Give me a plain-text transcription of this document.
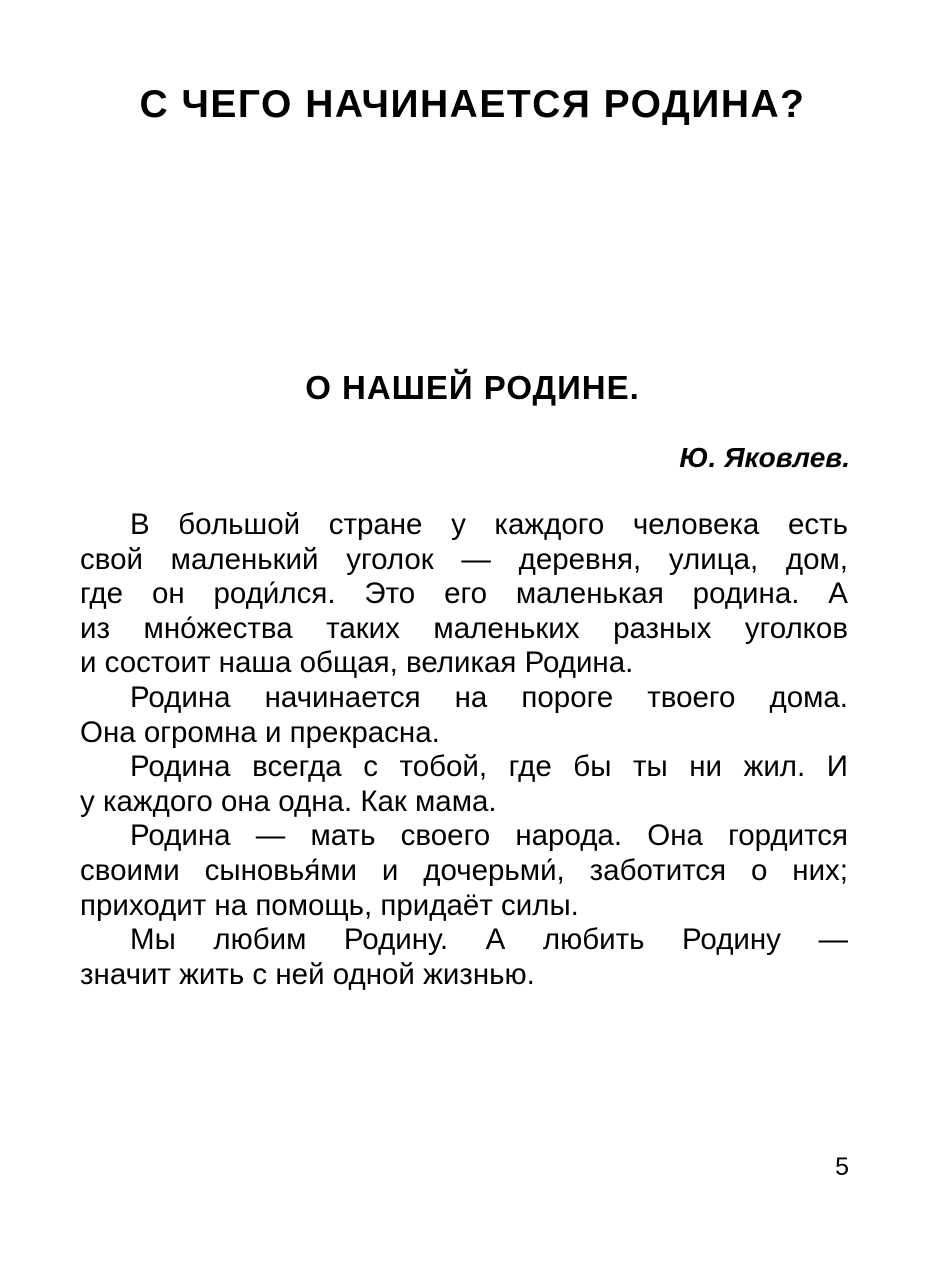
С ЧЕГО НАЧИНАЕТСЯ РОДИНА?
О НАШЕЙ РОДИНЕ.
Ю. Яковлев.
В большой стране у каждого человека есть
свой маленький уголок — деревня, улица, дом,
где он роди́лся. Это его маленькая родина. А
из мно́жества таких маленьких разных уголков
и состоит наша общая, великая Родина.
Родина начинается на пороге твоего дома.
Она огромна и прекрасна.
Родина всегда с тобой, где бы ты ни жил. И
у каждого она одна. Как мама.
Родина — мать своего народа. Она гордится
своими сыновья́ми и дочерьми́, заботится о них;
приходит на помощь, придаёт силы.
Мы любим Родину. А любить Родину —
значит жить с ней одной жизнью.
5
